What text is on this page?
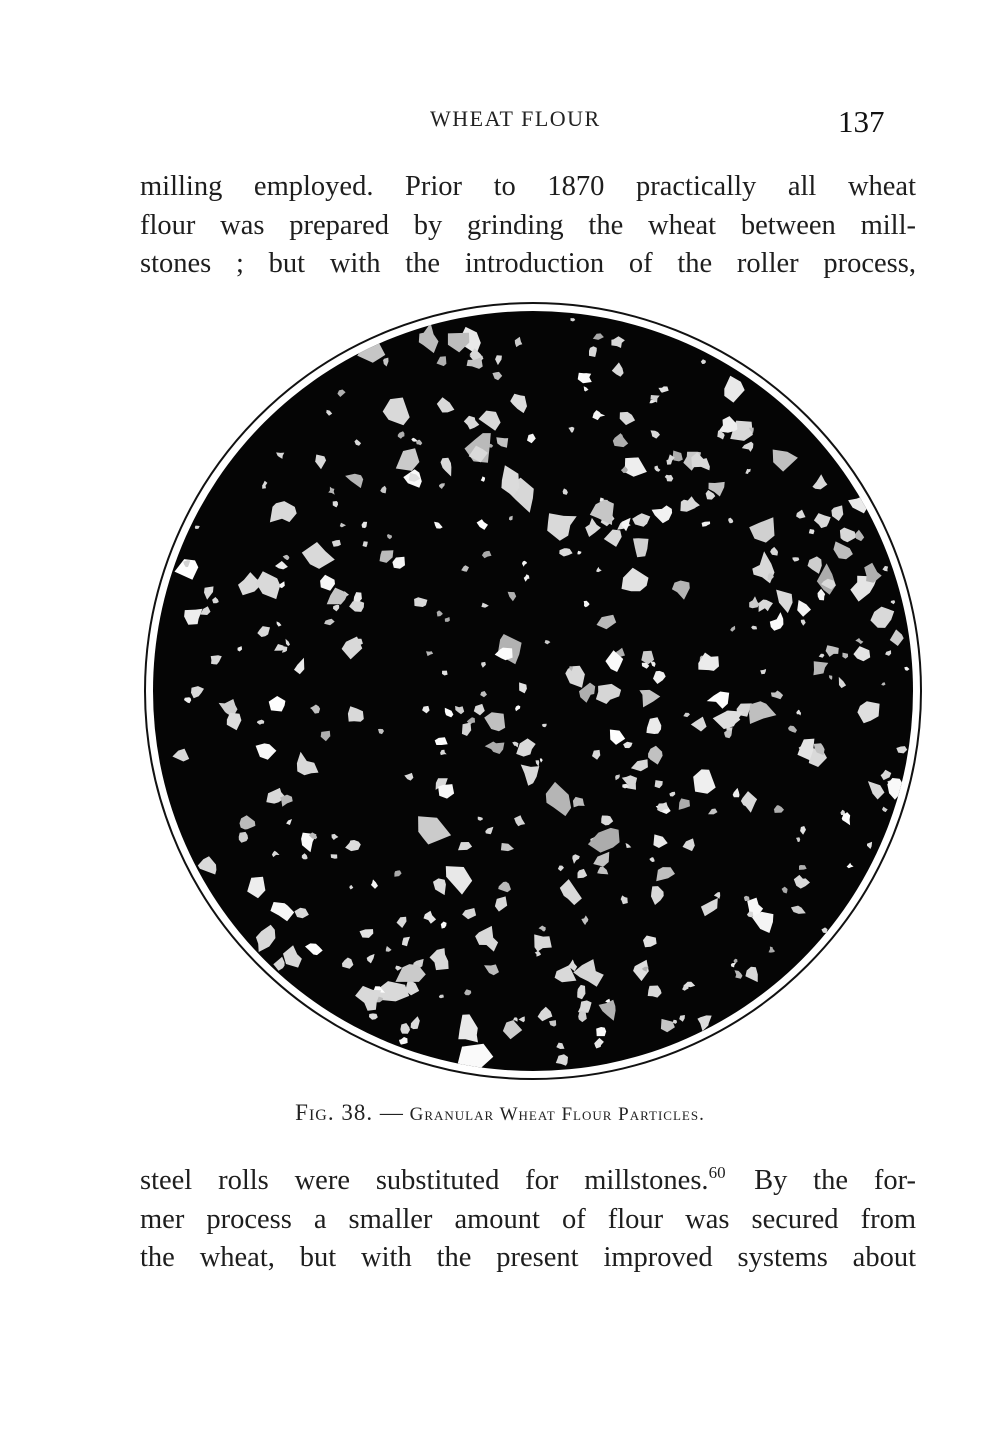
WHEAT FLOUR	137

milling employed. Prior to 1870 practically all wheat
flour was prepared by grinding the wheat between mill-
stones ; but with the introduction of the roller process,

Fig. 38. — Granular Wheat Flour Particles.

steel rolls were substituted for millstones.$^{60}$  By the for-
mer process a smaller amount of flour was secured from
the wheat, but with the present improved systems about
